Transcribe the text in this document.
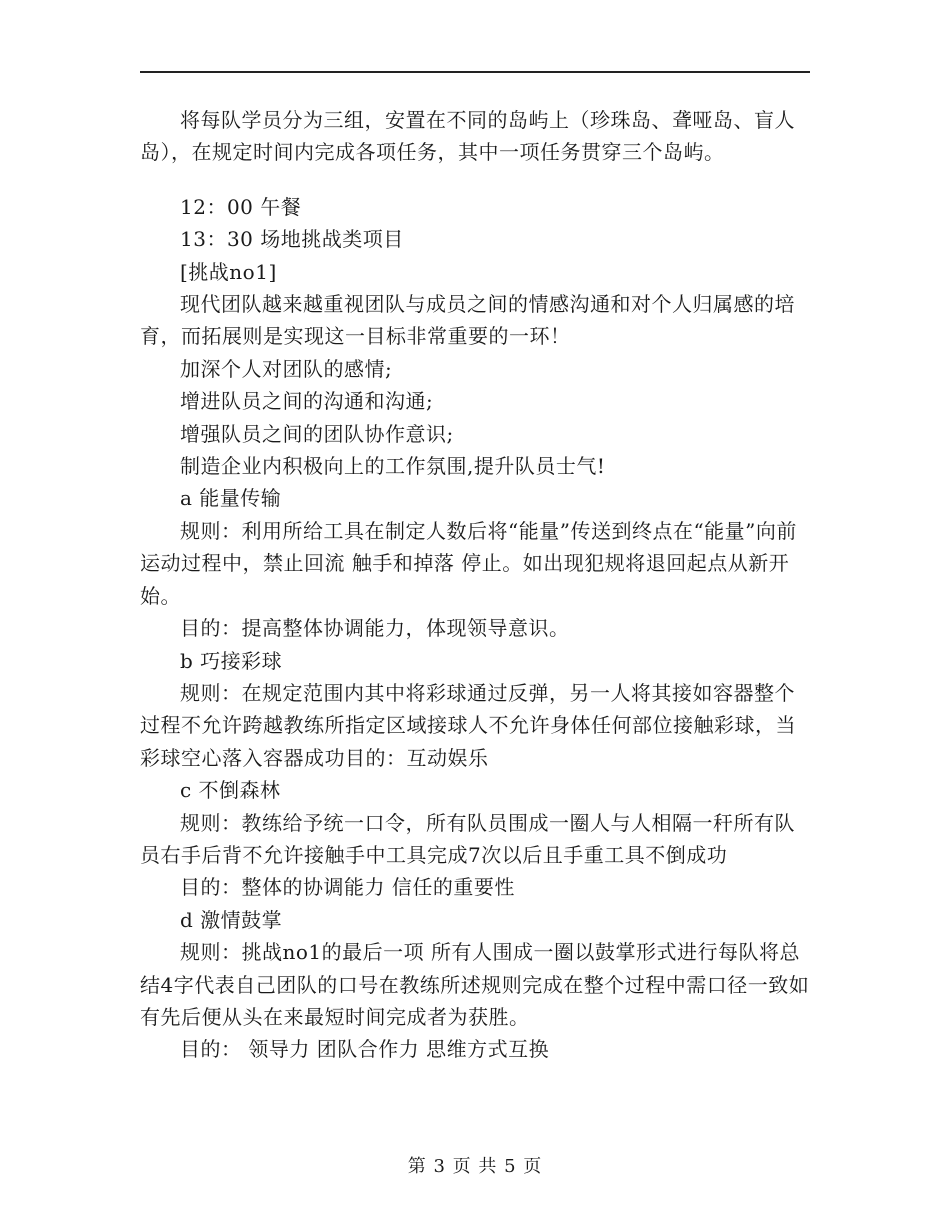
将每队学员分为三组，安置在不同的岛屿上（珍珠岛、聋哑岛、盲人岛），在规定时间内完成各项任务，其中一项任务贯穿三个岛屿。

12：00 午餐

13：30 场地挑战类项目

[挑战no1]

现代团队越来越重视团队与成员之间的情感沟通和对个人归属感的培育，而拓展则是实现这一目标非常重要的一环！

加深个人对团队的感情;

增进队员之间的沟通和沟通;

增强队员之间的团队协作意识;

制造企业内积极向上的工作氛围,提升队员士气!

a 能量传输

规则：利用所给工具在制定人数后将“能量”传送到终点在“能量”向前运动过程中，禁止回流 触手和掉落 停止。如出现犯规将退回起点从新开始。

目的：提高整体协调能力，体现领导意识。

b 巧接彩球

规则：在规定范围内其中将彩球通过反弹，另一人将其接如容器整个过程不允许跨越教练所指定区域接球人不允许身体任何部位接触彩球，当彩球空心落入容器成功目的：互动娱乐

c 不倒森林

规则：教练给予统一口令，所有队员围成一圈人与人相隔一秆所有队员右手后背不允许接触手中工具完成7次以后且手重工具不倒成功

目的：整体的协调能力 信任的重要性

d 激情鼓掌

规则：挑战no1的最后一项 所有人围成一圈以鼓掌形式进行每队将总结4字代表自己团队的口号在教练所述规则完成在整个过程中需口径一致如有先后便从头在来最短时间完成者为获胜。

目的： 领导力 团队合作力 思维方式互换

第 3 页 共 5 页
